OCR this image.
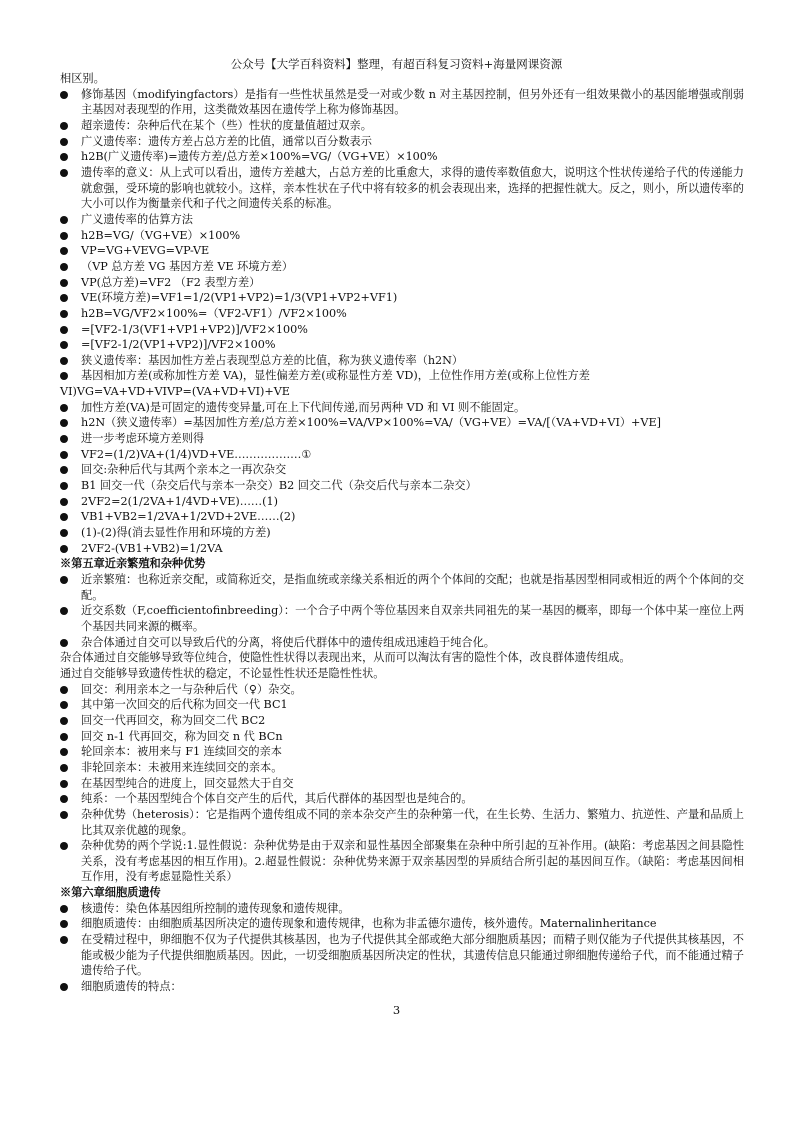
公众号【大学百科资料】整理，有超百科复习资料+海量网课资源
相区别。
修饰基因（modifyingfactors）是指有一些性状虽然是受一对或少数 n 对主基因控制，但另外还有一组效果微小的基因能增强或削弱主基因对表现型的作用，这类微效基因在遗传学上称为修饰基因。
超亲遗传：杂种后代在某个（些）性状的度量值超过双亲。
广义遗传率：遗传方差占总方差的比值，通常以百分数表示
h2B(广义遗传率)=遗传方差/总方差×100%=VG/（VG+VE）×100%
遗传率的意义：从上式可以看出，遗传方差越大，占总方差的比重愈大，求得的遗传率数值愈大，说明这个性状传递给子代的传递能力就愈强，受环境的影响也就较小。这样，亲本性状在子代中将有较多的机会表现出来，选择的把握性就大。反之，则小，所以遗传率的大小可以作为衡量亲代和子代之间遗传关系的标准。
广义遗传率的估算方法
h2B=VG/（VG+VE）×100%
VP=VG+VEVG=VP-VE
（VP 总方差 VG 基因方差 VE 环境方差）
VP(总方差)=VF2 （F2 表型方差）
VE(环境方差)=VF1=1/2(VP1+VP2)=1/3(VP1+VP2+VF1)
h2B=VG/VF2×100%=（VF2-VF1）/VF2×100%
=[VF2-1/3(VF1+VP1+VP2)]/VF2×100%
=[VF2-1/2(VP1+VP2)]/VF2×100%
狭义遗传率：基因加性方差占表现型总方差的比值，称为狭义遗传率（h2N）
基因相加方差(或称加性方差 VA)，显性偏差方差(或称显性方差 VD)，上位性作用方差(或称上位性方差
VI)VG=VA+VD+VIVP=(VA+VD+VI)+VE
加性方差(VA)是可固定的遗传变异量,可在上下代间传递,而另两种 VD 和 VI 则不能固定。
h2N（狭义遗传率）=基因加性方差/总方差×100%=VA/VP×100%=VA/（VG+VE）=VA/[（VA+VD+VI）+VE]
进一步考虑环境方差则得
VF2=(1/2)VA+(1/4)VD+VE………………①
回交:杂种后代与其两个亲本之一再次杂交
B1 回交一代（杂交后代与亲本一杂交）B2 回交二代（杂交后代与亲本二杂交）
2VF2=2(1/2VA+1/4VD+VE)……(1)
VB1+VB2=1/2VA+1/2VD+2VE……(2)
(1)-(2)得(消去显性作用和环境的方差)
2VF2-(VB1+VB2)=1/2VA
※第五章近亲繁殖和杂种优势
近亲繁殖：也称近亲交配，或简称近交，是指血统或亲缘关系相近的两个个体间的交配；也就是指基因型相同或相近的两个个体间的交配。
近交系数（F,coefficientofinbreeding）：一个合子中两个等位基因来自双亲共同祖先的某一基因的概率，即每一个体中某一座位上两个基因共同来源的概率。
杂合体通过自交可以导致后代的分离，将使后代群体中的遗传组成迅速趋于纯合化。
杂合体通过自交能够导致等位纯合，使隐性性状得以表现出来，从而可以淘汰有害的隐性个体，改良群体遗传组成。
通过自交能够导致遗传性状的稳定，不论显性性状还是隐性性状。
回交：利用亲本之一与杂种后代（♀）杂交。
其中第一次回交的后代称为回交一代 BC1
回交一代再回交，称为回交二代 BC2
回交 n-1 代再回交，称为回交 n 代 BCn
轮回亲本：被用来与 F1 连续回交的亲本
非轮回亲本：未被用来连续回交的亲本。
在基因型纯合的进度上，回交显然大于自交
纯系：一个基因型纯合个体自交产生的后代，其后代群体的基因型也是纯合的。
杂种优势（heterosis）：它是指两个遗传组成不同的亲本杂交产生的杂种第一代，在生长势、生活力、繁殖力、抗逆性、产量和品质上比其双亲优越的现象。
杂种优势的两个学说:1.显性假说：杂种优势是由于双亲和显性基因全部聚集在杂种中所引起的互补作用。(缺陷：考虑基因之间县隐性关系，没有考虑基因的相互作用)。2.超显性假说：杂种优势来源于双亲基因型的异质结合所引起的基因间互作。（缺陷：考虑基因间相互作用，没有考虑显隐性关系）
※第六章细胞质遗传
核遗传：染色体基因组所控制的遗传现象和遗传规律。
细胞质遗传：由细胞质基因所决定的遗传现象和遗传规律，也称为非孟德尔遗传，核外遗传。Maternalinheritance
在受精过程中，卵细胞不仅为子代提供其核基因，也为子代提供其全部或绝大部分细胞质基因；而精子则仅能为子代提供其核基因，不能或极少能为子代提供细胞质基因。因此，一切受细胞质基因所决定的性状，其遗传信息只能通过卵细胞传递给子代，而不能通过精子遗传给子代。
细胞质遗传的特点：
3
